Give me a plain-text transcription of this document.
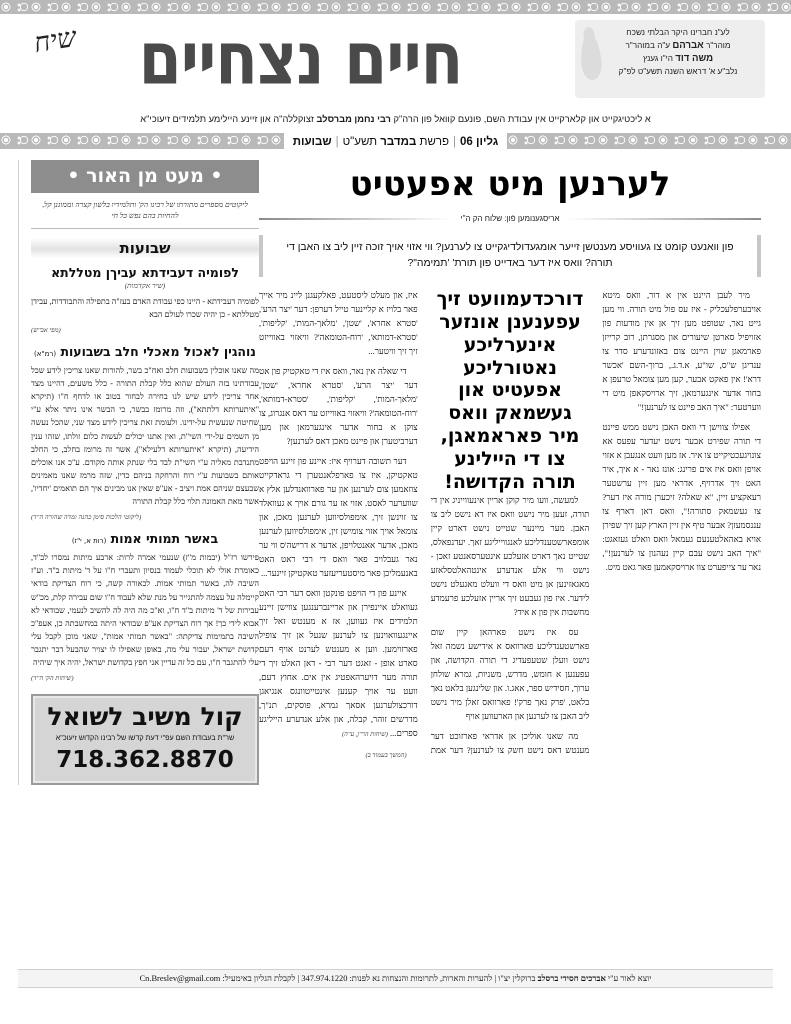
לע"נ חברינו היקר הבלתי נשכח
מוהר"ר אברהם ע"ה במוהר"ר
משה דוד הי"ו גענץ
נלב"ע א' דראש השנה תשע"ט לפ"ק
שיח חיים נצחיים
א ליכטיגקייט און קלארקייט אין עבודת השם, פונעם קוואל פון הרה"ק רבי נחמן מברסלב זצוקללה"ה און זיינע היילימע תלמידים זיעוכי"א
גליון 06
|
פרשת במדבר תשע"ט
|
שבועות
לערנען מיט אפעטיט
אריסגענומען פֿון: שלוח הק ה"י
פון וואנעט קומט צו געוויסע מענטשן זייער אומגעדולדיגקייט צו לערנען? ווי אזוי אויך זוכה זיין ליב צו האבן די תורה? וואס איז דער באדייט פון תורת' 'תמימה"?

מיר לעבן היינט אין א דור, וואס מיטא אויבערפלעכליק - איז עס פול מיט תורה. ווי מען גייט נאר, שטופט מען זיך אן אין מודעות פון אזויפיל סארטן שיעורים און מסגרתן, רוב קרייזן פארמאגן שוין היינט צום באזונדערע סדר צו ענדיגן ש"ס, שו"ע, א.ד.ג., ברוך-השם 'אכשר דרא'! אין פאקט אבער, קען מען צומאל טרעפן א בחור אדער אינגערמאן, זיך ארויסקאפן מיט די ווערטער: "איך האב פיינט צו לערנען!"

אפילו צווישן די וואס האבן נישט ממש פיינט די תורה שפירט אבער נישט יעדער עפעס אא צונויגעכטיקייט צו איר. אז מען וועט אנגעבן א אזוי אויפן וואס איז אים פרינג: אונז נאר - א איך, איר האט זיך אדרויף, אדראי מען זיין ערשטער רעאקציע זיין, "א שאלה? זיכערן מורה איז דער? צו געשמאק סתורה!", וואס דאן דארף צו עננסמעזן? אבער טיף אין זיין הארץ קען זיך שפירן אויא באהאלטענעם געמאל וואס וואלט געזאגט: "איך האב נישט עבם קיין נעהנון צו לערנען!", נאר ער צייפערט צוו ארויסקאמען פאר גאט מיט.

דורכדעמוועט זיך עפענענן אונזער אינערליכע נאטורליכע אפעטיט און געשמאק וואס מיר פאראמאגן, צו די היילינע תורה הקדושה!

למעשה, וועו מיר קוקן אריין אינעווייניג אין די תורה, זעען מיר נישט וואס איז דא נישט ליב צו האבן. מער מיינער שטייט נישט דארט קיין אומפארשטענדליכע לאנגווייליגע זאך. יעדנפאלס, שטייט נאך דארט אזעלכע אינטערסאנטע זאכן - נישט ווי אלע אנדערע אינטהאלטסלאזע מאגאזינען אן מיט וואס די וועלט מאגעלט נישט לידער. איז פון געבעט זיך אריין אזעלכע פרעמדע מחשבות אין פון א איד?

עס איז נישט פארהאן קיין שום פארשטענדליכע פארוואס א אידישע נשמה זאל נישט וועלן שטעפעדיג די תורה הקדושה, און עפענען א חומש, מדרש, משניות, גמרא שולחן ערוך, חסידיש ספר, אאג.ו. און שלינגען בלאט נאך בלאט, 'פרק נאך פרק'! פארוואס זאלן מיר נישט ליב האבן צו לערנען און הארעווען אויף

מה שאנו אוליכן אן אדראי פארזוכט דער מענטש דאס נישט חשק צו לערנען? דער אמת איז, און מעלט ליסטעט, פאלקעגנן ליינ מיר אייך פאר בלויז א קליינער טייל דערפן: דער 'יצר הרע', 'סטרא אחרא', 'שטן', 'מלאך-המות', 'קליפות', 'סטרא-דמותא', 'רוח-הטומאה'? וויאזוי באווייזט זיך זיך וויטער...

די שאלה אין נאר, וואס איז די טאקטיק פון אט דער 'יצר הרע', 'סטרא אחרא', 'שטן', 'מלאך-המות', 'קליפות', 'סטרא-דמותא', 'רוח-הטומאה'? וויאזוי באווייזט ער דאס אנגרוג, צו צוקן א בחור אדער אינגערמאן און מען דערביטערן און פיינט מאכן דאס לערנען?

דער תשובה דערויף איז: איינע פון זיינע הויפט טאקטיקן, איז צו פארפלאנטערן די גראדקייט צוזאמען צום לערנען און ער פארוואנדלען אלץ א שווערער לאסט. אזוי אז ער גורם אויך א געוואלד צו זוינשן זיך, אימפולסיווען לערנען מאכן, און צומאל אויך אזוי צומישן זין, אימפולסיווען לערנען מאכן, אדער אאנטלויפן, אדער א דרישה'ס ווי ער נאר געבלויב פאר וואס די רבי ראט האט באנעמליכן פאר מיסטעריעזער טאקטיקן זיינער...

איינע פון די הויפט פונקטן וואס דער רבי האט געוואלט איינפירן און אריינברענגען צווישן זיינע תלמידים איז געווען, אז א מענטש זאל זיך איינגעוואוינען צו לערנען שנעל אן זיך צופיל פארזוימען. ווען א מענטש לערנט אויף דעם סארט אופן - זאגט דער רבי - דאן האלט זיך די תורה מער דויערהאפטיג אין אים. אחוץ דעם, וועט ער אויך קענען אינטייטוונגס אנגיאגן דורכצולערנען אסאך גמרא, פוסקים, תנ"ך, מדרשים זוהר, קבלה, און אלע אנדערע הייליגע ספרים... (שיחות הר"ן, ע"ה)

(המשך בעמוד ב)

• מעט מן האור •
ליקוטים מספרים מתורתו של רבינו הק' ותלמידיו בלשון קצרה וממוגנן קל, להחיות בהם נפש כל חי
שבועות
לפומיה דעבידתא עביךן מטללתא
(שיר אקדמות)

לפומיה דעבידתא - היינו כפי עבודת האדם בעז"ה בתפילה והתבודדות, עבידן מטללתא - כן יהיה שכרו לעולם הבא

(מפי אב"ש)
נוהגין לאכול מאכלי חלב בשבועות (רמ"א)

מה שאנו אוכלין בשבועות חלב ואח"כ בשר, להורות שאנו צריכין לידע שכל עבודתינו בזה העולם שהוא כלל קבלת התורה - כלל משעים, דהיינו מצד אחד צריכין לידע שיש לנו בחירה לבחור בטוב או לדחף ח"ו (תיקרא "איתערותא דלתתא"), וזה מרומז בבשר, כי הבשר אינו ניתר אלא ע"י שחיטה שנעשית על-ידינו. ולעומת זאת צריכין לידע מצד שני, שהכל נעשה מן השמים על-ידי השי"ת, ואין אתנו יכולים לעשות כלום זולתו, שזהו ענין הידיעה, (תיקרא "איתערותא דלעילא"), אשר זה מרומז בחלב, כי החלב מתנדבת מאליה ע"י השי"ת לבד בלי שנתק אותה מקודם. ע"כ אנו אוכלים אותם בשבועות ע"י רוח והרחקה בניהם כדין, שזה מרמז שאנו מאמינים שבעצם שניהם אמת ויציב - אע"פ שאין אנו מבינים איך הם תואמים 'יחדיו', אשר מאת האמונה תלוי כלל קבלת התורה

(ליקוטי הלכות סימן כהנה ומדה שהורה ה"ד)
באשר תמותי אמות (רות א, י"ז)

פירשו רז"ל (יבמות מ"ז) שנעמי אמרה לרות: ארבע מיתות נמסרו לב"ד, כאומרת אולי לא תוכלי לעמוד בנסיון ותעברי ח"ו על ד' מיתות ב"ד. וע"ז השיבה לה, באשר תמותי אמות. לכאורה קשה, כי רוח הצדיקת בודאי קיימלה על עצמה להתגייר על מנת שלא לעבוד ח"ו שום עבירה קלת, מכ"ש עבירות של ד' מיתות ב"ד ח"ו, וא"כ מה היה לה להשיב לנעמי, שבודאי לא אבוא לידי כך! אך רוח הצדיקת אע"פ שבודאי היתה במחשבתה כן, אעפ"כ השיבה בתמימות צדיקתה: "באשר תמותי אמות", שאני מוכן לקבל עלי קדושת ישראל, יעבור עלי מה, באופן שאפילו לו יצויר שהבעל דבר יתגבר עלי להתגבר ח"ו, עם כל זה עדיין אני חפץ בקדושת ישראל, יהיה איך שיהיה

(שיחות הק' ה"ד)
קול משיב לשואל
שר"ת בעבודת השם עפ"י דעת קדשו של רבינו הקדוש זיעוכ"א
718.362.8870
יוצא לאור ע"י אברכים חסידי ברסלב ברוקלין יצ"ו | להערות והארות, לתרומות והנצחות נא לפנות: 347.974.1220 | לקבלת הגליון באימעיל: Cn.Breslev@gmail.com
